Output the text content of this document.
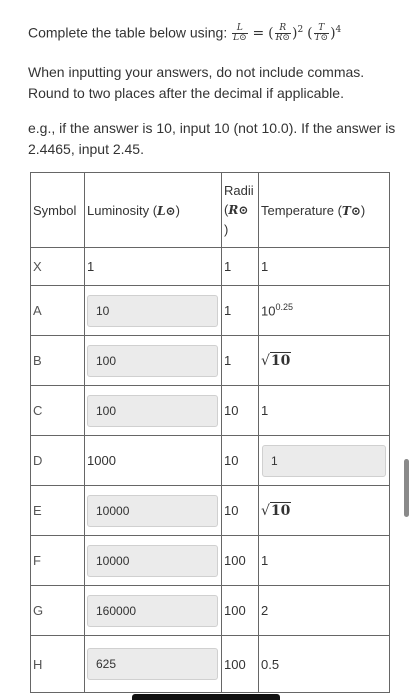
Complete the table below using: $\frac{L}{L⊙}$ = ( $\frac{R}{R⊙} )^2$ ( $\frac{T}{T⊙} )^4$
When inputting your answers, do not include commas. Round to two places after the decimal if applicable.
e.g., if the answer is 10, input 10 (not 10.0). If the answer is 2.4465, input 2.45.
Symbol	Luminosity (L⊙)	Radii
(R⊙
)	Temperature (T⊙)
X	1	1	1
A	10	1	$10^{0.25}$
B	100	1	√10
C	100	10	1
D	1000	10	1

E	10000	10	√10
F	10000	100	1
G	160000	100	2
H	625	100	0.5
